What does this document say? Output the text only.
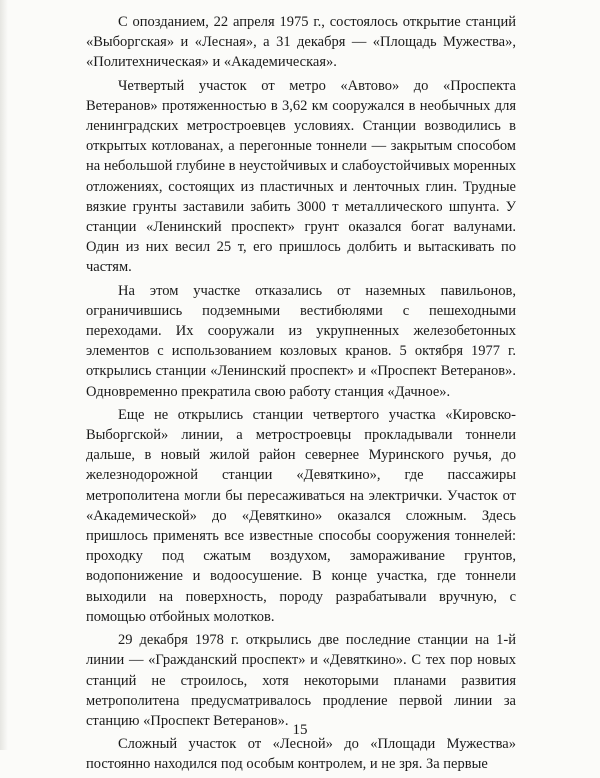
С опозданием, 22 апреля 1975 г., состоялось открытие станций «Выборгская» и «Лесная», а 31 декабря — «Площадь Мужества», «Политехническая» и «Академическая».

Четвертый участок от метро «Автово» до «Проспекта Ветеранов» протяженностью в 3,62 км сооружался в необычных для ленинградских метростроевцев условиях. Станции возводились в открытых котлованах, а перегонные тоннели — закрытым способом на небольшой глубине в неустойчивых и слабоустойчивых моренных отложениях, состоящих из пластичных и ленточных глин. Трудные вязкие грунты заставили забить 3000 т металлического шпунта. У станции «Ленинский проспект» грунт оказался богат валунами. Один из них весил 25 т, его пришлось долбить и вытаскивать по частям.

На этом участке отказались от наземных павильонов, ограничившись подземными вестибюлями с пешеходными переходами. Их сооружали из укрупненных железобетонных элементов с использованием козловых кранов. 5 октября 1977 г. открылись станции «Ленинский проспект» и «Проспект Ветеранов». Одновременно прекратила свою работу станция «Дачное».

Еще не открылись станции четвертого участка «Кировско-Выборгской» линии, а метростроевцы прокладывали тоннели дальше, в новый жилой район севернее Муринского ручья, до железнодорожной станции «Девяткино», где пассажиры метрополитена могли бы пересаживаться на электрички. Участок от «Академической» до «Девяткино» оказался сложным. Здесь пришлось применять все известные способы сооружения тоннелей: проходку под сжатым воздухом, замораживание грунтов, водопонижение и водоосушение. В конце участка, где тоннели выходили на поверхность, породу разрабатывали вручную, с помощью отбойных молотков.

29 декабря 1978 г. открылись две последние станции на 1-й линии — «Гражданский проспект» и «Девяткино». С тех пор новых станций не строилось, хотя некоторыми планами развития метрополитена предусматривалось продление первой линии за станцию «Проспект Ветеранов».

Сложный участок от «Лесной» до «Площади Мужества» постоянно находился под особым контролем, и не зря. За первые

15
